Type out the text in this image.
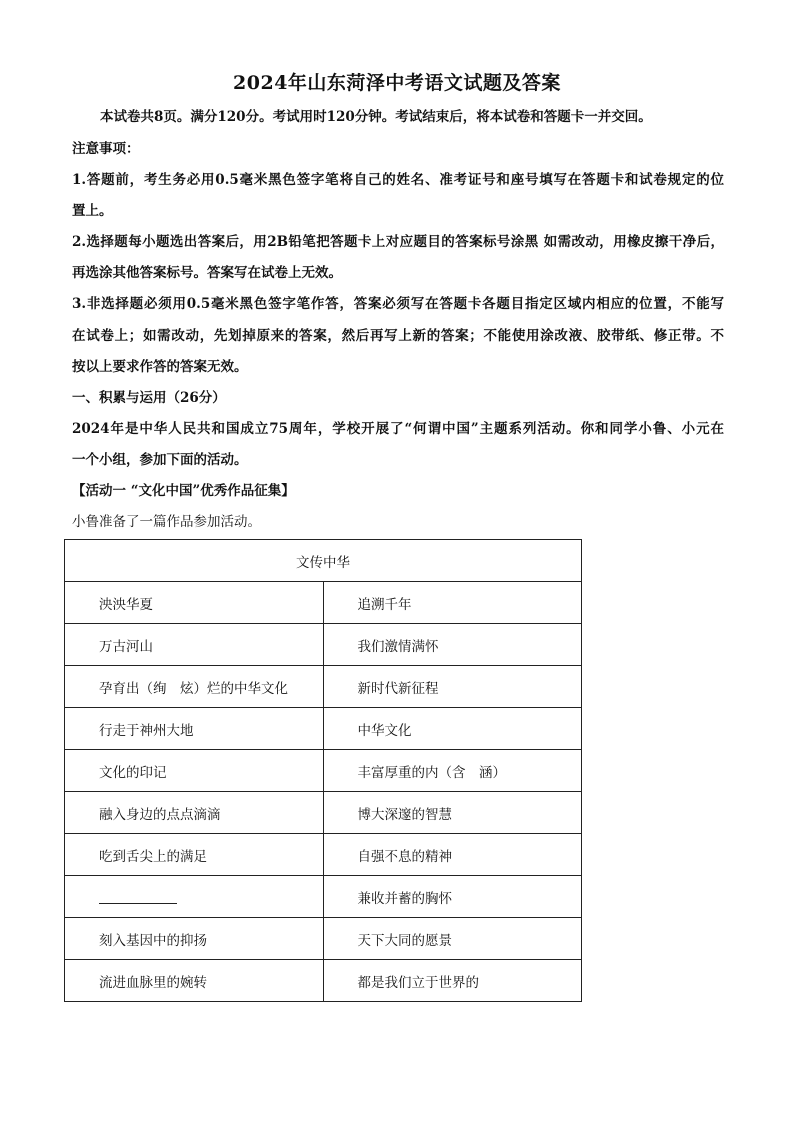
2024年山东菏泽中考语文试题及答案
本试卷共8页。满分120分。考试用时120分钟。考试结束后，将本试卷和答题卡一并交回。
注意事项：
1.答题前，考生务必用0.5毫米黑色签字笔将自己的姓名、准考证号和座号填写在答题卡和试卷规定的位
置上。
2.选择题每小题选出答案后，用2B铅笔把答题卡上对应题目的答案标号涂黑 如需改动，用橡皮擦干净后，
再选涂其他答案标号。答案写在试卷上无效。
3.非选择题必须用0.5毫米黑色签字笔作答，答案必须写在答题卡各题目指定区域内相应的位置，不能写
在试卷上；如需改动，先划掉原来的答案，然后再写上新的答案；不能使用涂改液、胶带纸、修正带。不
按以上要求作答的答案无效。
一、积累与运用（26分）
2024年是中华人民共和国成立75周年，学校开展了“何谓中国”主题系列活动。你和同学小鲁、小元在
一个小组，参加下面的活动。
【活动一 “文化中国”优秀作品征集】
小鲁准备了一篇作品参加活动。
文传中华	
泱泱华夏	追溯千年
万古河山	我们激情满怀
孕育出（绚　炫）烂的中华文化	新时代新征程
行走于神州大地	中华文化
文化的印记	丰富厚重的内（含　涵）
融入身边的点点滴滴	博大深邃的智慧
吃到舌尖上的满足	自强不息的精神
	兼收并蓄的胸怀
刻入基因中的抑扬	天下大同的愿景
流进血脉里的婉转	都是我们立于世界的
